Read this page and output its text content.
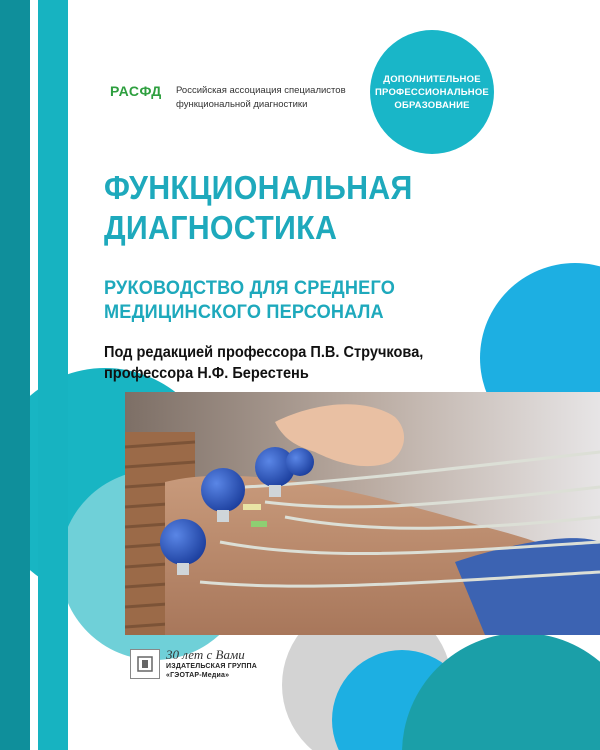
ДОПОЛНИТЕЛЬНОЕ
ПРОФЕССИОНАЛЬНОЕ
ОБРАЗОВАНИЕ
РАСФД Российская ассоциация специалистов
функциональной диагностики
ФУНКЦИОНАЛЬНАЯ
ДИАГНОСТИКА
РУКОВОДСТВО ДЛЯ СРЕДНЕГО
МЕДИЦИНСКОГО ПЕРСОНАЛА
Под редакцией профессора П.В. Стручкова,
профессора Н.Ф. Берестень
30 лет с Вами
ИЗДАТЕЛЬСКАЯ ГРУППА
«ГЭОТАР-Медиа»
